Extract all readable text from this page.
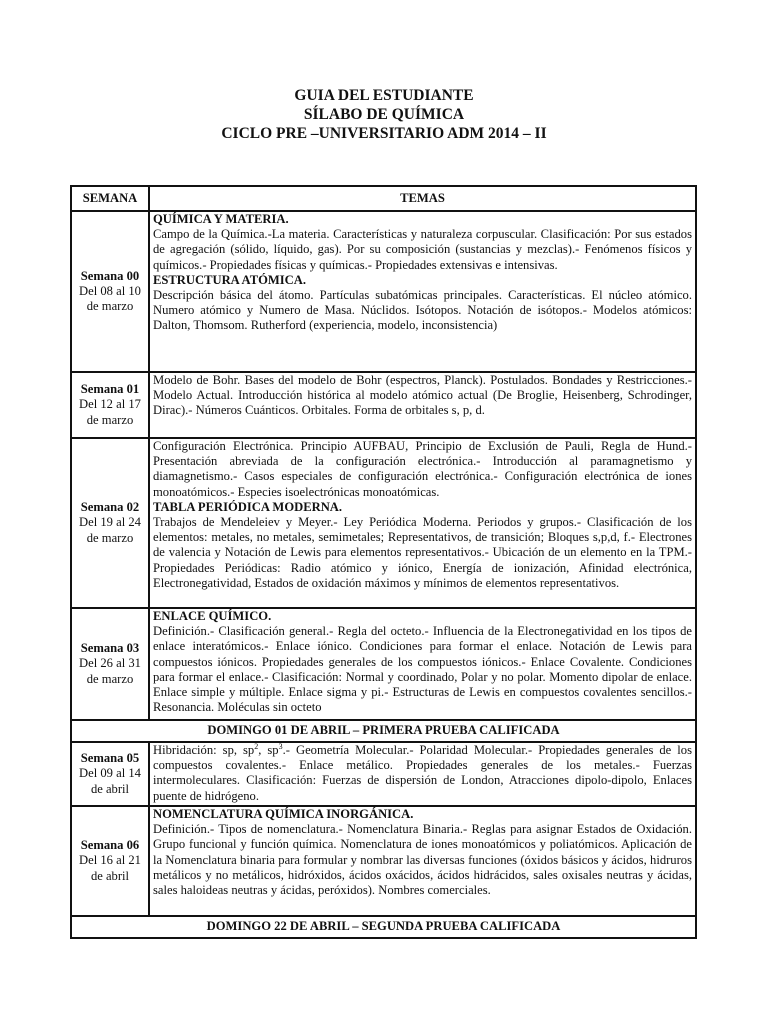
GUIA DEL ESTUDIANTE
SÍLABO DE QUÍMICA
CICLO PRE –UNIVERSITARIO ADM 2014 – II
SEMANA	TEMAS

Semana 00
Del 08 al 10 de marzo	QUÍMICA Y MATERIA.
Campo de la Química.-La materia. Características y naturaleza corpuscular. Clasificación: Por sus estados de agregación (sólido, líquido, gas). Por su composición (sustancias y mezclas).- Fenómenos físicos y químicos.- Propiedades físicas y químicas.- Propiedades extensivas e intensivas.
ESTRUCTURA ATÓMICA.
Descripción básica del átomo. Partículas subatómicas principales. Características. El núcleo atómico. Numero atómico y Numero de Masa. Núclidos. Isótopos. Notación de isótopos.- Modelos atómicos: Dalton, Thomsom. Rutherford (experiencia, modelo, inconsistencia)

Semana 01
Del 12 al 17 de marzo	Modelo de Bohr. Bases del modelo de Bohr (espectros, Planck). Postulados. Bondades y Restricciones.- Modelo Actual. Introducción histórica al modelo atómico actual (De Broglie, Heisenberg, Schrodinger, Dirac).- Números Cuánticos. Orbitales. Forma de orbitales s, p, d.

Semana 02
Del 19 al 24 de marzo	Configuración Electrónica. Principio AUFBAU, Principio de Exclusión de Pauli, Regla de Hund.- Presentación abreviada de la configuración electrónica.- Introducción al paramagnetismo y diamagnetismo.- Casos especiales de configuración electrónica.- Configuración electrónica de iones monoatómicos.- Especies isoelectrónicas monoatómicas.
TABLA PERIÓDICA MODERNA.
Trabajos de Mendeleiev y Meyer.- Ley Periódica Moderna. Periodos y grupos.- Clasificación de los elementos: metales, no metales, semimetales; Representativos, de transición; Bloques s,p,d, f.- Electrones de valencia y Notación de Lewis para elementos representativos.- Ubicación de un elemento en la TPM.- Propiedades Periódicas: Radio atómico y iónico, Energía de ionización, Afinidad electrónica, Electronegatividad, Estados de oxidación máximos y mínimos de elementos representativos.

Semana 03
Del 26 al 31 de marzo	ENLACE QUÍMICO.
Definición.- Clasificación general.- Regla del octeto.- Influencia de la Electronegatividad en los tipos de enlace interatómicos.- Enlace iónico. Condiciones para formar el enlace. Notación de Lewis para compuestos iónicos. Propiedades generales de los compuestos iónicos.- Enlace Covalente. Condiciones para formar el enlace.- Clasificación: Normal y coordinado, Polar y no polar. Momento dipolar de enlace. Enlace simple y múltiple. Enlace sigma y pi.- Estructuras de Lewis en compuestos covalentes sencillos.- Resonancia. Moléculas sin octeto

DOMINGO 01 DE ABRIL – PRIMERA PRUEBA CALIFICADA	

Semana 05
Del 09 al 14 de abril	Hibridación: sp, $sp^2$, $sp^3.-$ Geometría Molecular.- Polaridad Molecular.- Propiedades generales de los compuestos covalentes.- Enlace metálico. Propiedades generales de los metales.- Fuerzas intermoleculares. Clasificación: Fuerzas de dispersión de London, Atracciones dipolo-dipolo, Enlaces puente de hidrógeno.

Semana 06
Del 16 al 21 de abril	NOMENCLATURA QUÍMICA INORGÁNICA.
Definición.- Tipos de nomenclatura.- Nomenclatura Binaria.- Reglas para asignar Estados de Oxidación. Grupo funcional y función química. Nomenclatura de iones monoatómicos y poliatómicos. Aplicación de la Nomenclatura binaria para formular y nombrar las diversas funciones (óxidos básicos y ácidos, hidruros metálicos y no metálicos, hidróxidos, ácidos oxácidos, ácidos hidrácidos, sales oxisales neutras y ácidas, sales haloideas neutras y ácidas, peróxidos). Nombres comerciales.

DOMINGO 22 DE ABRIL – SEGUNDA PRUEBA CALIFICADA	
